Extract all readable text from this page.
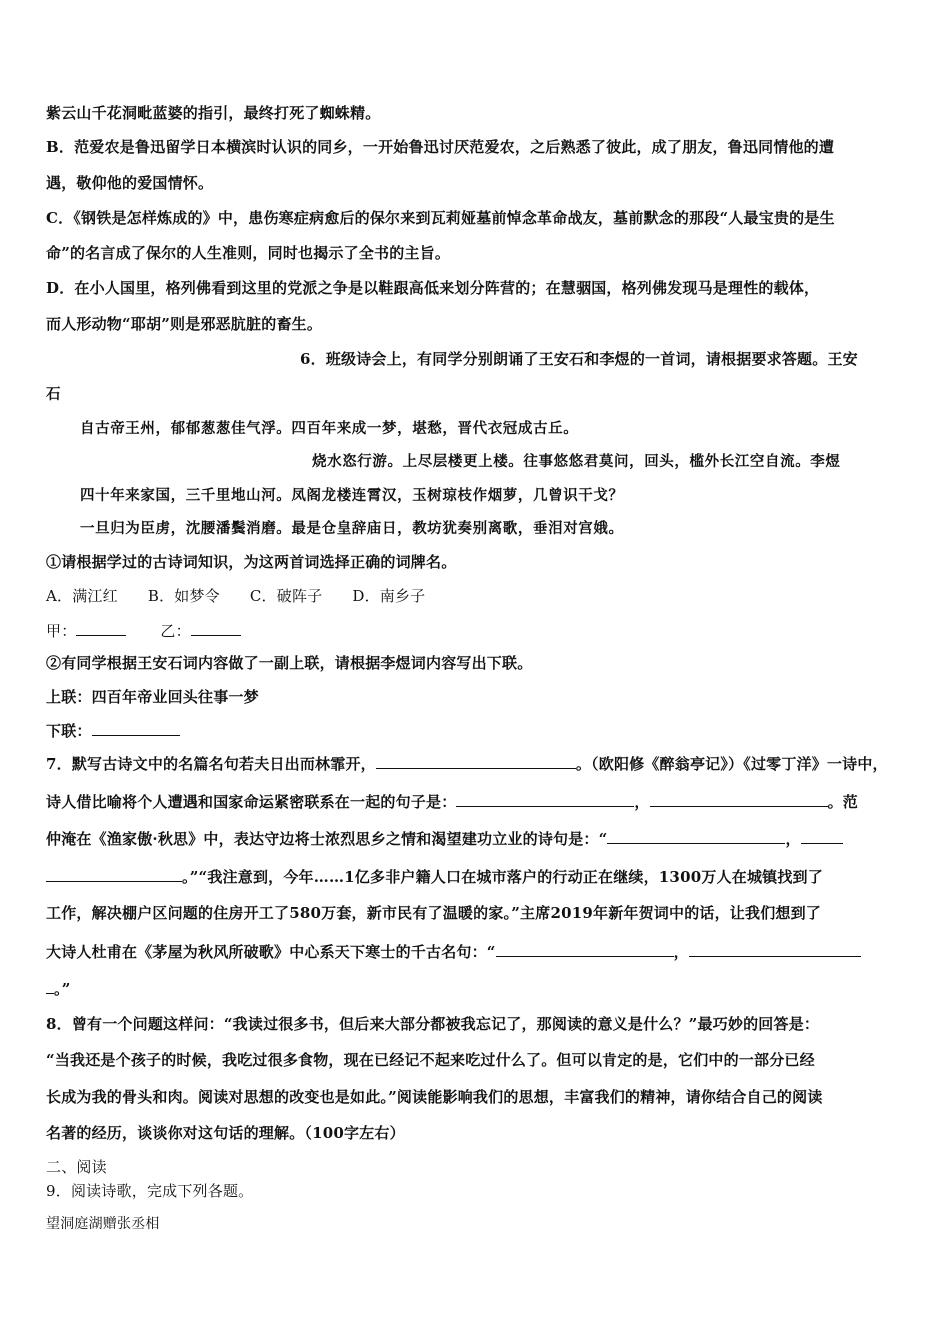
紫云山千花洞毗蓝婆的指引，最终打死了蜘蛛精。
B．范爱农是鲁迅留学日本横滨时认识的同乡，一开始鲁迅讨厌范爱农，之后熟悉了彼此，成了朋友，鲁迅同情他的遭
遇，敬仰他的爱国情怀。
C．《钢铁是怎样炼成的》中，患伤寒症病愈后的保尔来到瓦莉娅墓前悼念革命战友，墓前默念的那段“人最宝贵的是生
命”的名言成了保尔的人生准则，同时也揭示了全书的主旨。
D．在小人国里，格列佛看到这里的党派之争是以鞋跟高低来划分阵营的；在慧骃国，格列佛发现马是理性的载体，
而人形动物“耶胡”则是邪恶肮脏的畜生。
6．班级诗会上，有同学分别朗诵了王安石和李煜的一首词，请根据要求答题。王安
石
自古帝王州，郁郁葱葱佳气浮。四百年来成一梦，堪愁，晋代衣冠成古丘。
烧水恣行游。上尽层楼更上楼。往事悠悠君莫问，回头，槛外长江空自流。李煜
四十年来家国，三千里地山河。凤阁龙楼连霄汉，玉树琼枝作烟萝，几曾识干戈？
一旦归为臣虏，沈腰潘鬓消磨。最是仓皇辞庙日，教坊犹奏别离歌，垂泪对宫娥。
①请根据学过的古诗词知识，为这两首词选择正确的词牌名。
A．满江红 B．如梦令 C．破阵子 D．南乡子
甲：	乙：
②有同学根据王安石词内容做了一副上联，请根据李煜词内容写出下联。
上联：四百年帝业回头往事一梦
下联：
7．默写古诗文中的名篇名句若夫日出而林霏开，	。（欧阳修《醉翁亭记》）《过零丁洋》一诗中，
诗人借比喻将个人遭遇和国家命运紧密联系在一起的句子是：	，	。范
仲淹在《渔家傲·秋思》中，表达守边将士浓烈思乡之情和渴望建功立业的诗句是：“	，
。”“我注意到，今年……1亿多非户籍人口在城市落户的行动正在继续，1300万人在城镇找到了
工作，解决棚户区问题的住房开工了580万套，新市民有了温暖的家。”主席2019年新年贺词中的话，让我们想到了
大诗人杜甫在《茅屋为秋风所破歌》中心系天下寒士的千古名句：“	，
。”
8．曾有一个问题这样问：“我读过很多书，但后来大部分都被我忘记了，那阅读的意义是什么？”最巧妙的回答是：
“当我还是个孩子的时候，我吃过很多食物，现在已经记不起来吃过什么了。但可以肯定的是，它们中的一部分已经
长成为我的骨头和肉。阅读对思想的改变也是如此。”阅读能影响我们的思想，丰富我们的精神，请你结合自己的阅读
名著的经历，谈谈你对这句话的理解。（100字左右）
二、阅读
9．阅读诗歌，完成下列各题。
望洞庭湖赠张丞相
